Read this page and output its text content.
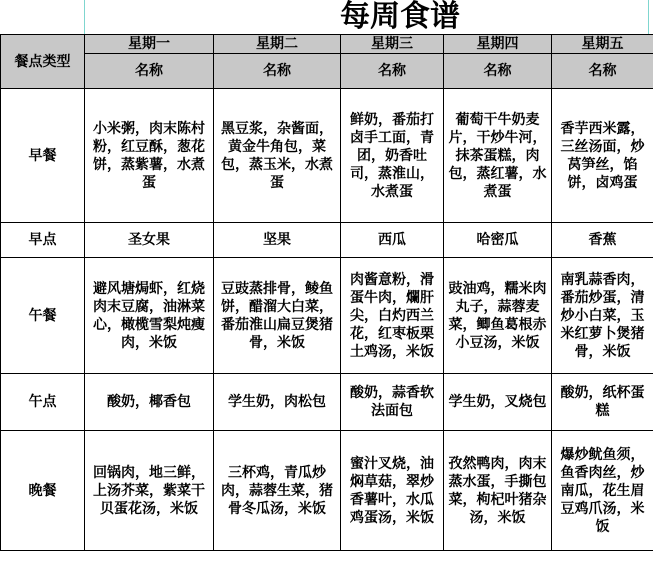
每周食谱
餐点类型	星期一	星期二	星期三	星期四	星期五
	名称	名称	名称	名称	名称
早餐	小米粥，肉末陈村粉，红豆酥，葱花饼，蒸紫薯，水煮蛋	黑豆浆，杂酱面，黄金牛角包，菜包，蒸玉米，水煮蛋	鲜奶，番茄打卤手工面，青团，奶香吐司，蒸淮山，水煮蛋	葡萄干牛奶麦片，干炒牛河，抹茶蛋糕，肉包，蒸红薯，水煮蛋	香芋西米露，三丝汤面，炒莴笋丝，馅饼，卤鸡蛋

早点	圣女果	坚果	西瓜	哈密瓜	香蕉

午餐	避风塘焗虾，红烧肉末豆腐，油淋菜心，橄榄雪梨炖瘦肉，米饭	豆豉蒸排骨，鲮鱼饼，醋溜大白菜，番茄淮山扁豆煲猪骨，米饭	肉酱意粉，滑蛋牛肉，爛肝尖，白灼西兰花，红枣板栗土鸡汤，米饭	豉油鸡，糯米肉丸子，蒜蓉麦菜，鲫鱼葛根赤小豆汤，米饭	南乳蒜香肉，番茄炒蛋，清炒小白菜，玉米红萝卜煲猪骨，米饭

午点	酸奶，椰香包	学生奶，肉松包	酸奶，蒜香软法面包	学生奶，叉烧包	酸奶，纸杯蛋糕

晚餐	回锅肉，地三鲜，上汤芥菜，紫菜干贝蛋花汤，米饭	三杯鸡，青瓜炒肉，蒜蓉生菜，猪骨冬瓜汤，米饭	蜜汁叉烧，油焖草菇，翠炒香薯叶，水瓜鸡蛋汤，米饭	孜然鸭肉，肉末蒸水蛋，手撕包菜，枸杞叶猪杂汤，米饭	爆炒鱿鱼须，鱼香肉丝，炒南瓜，花生眉豆鸡爪汤，米饭
